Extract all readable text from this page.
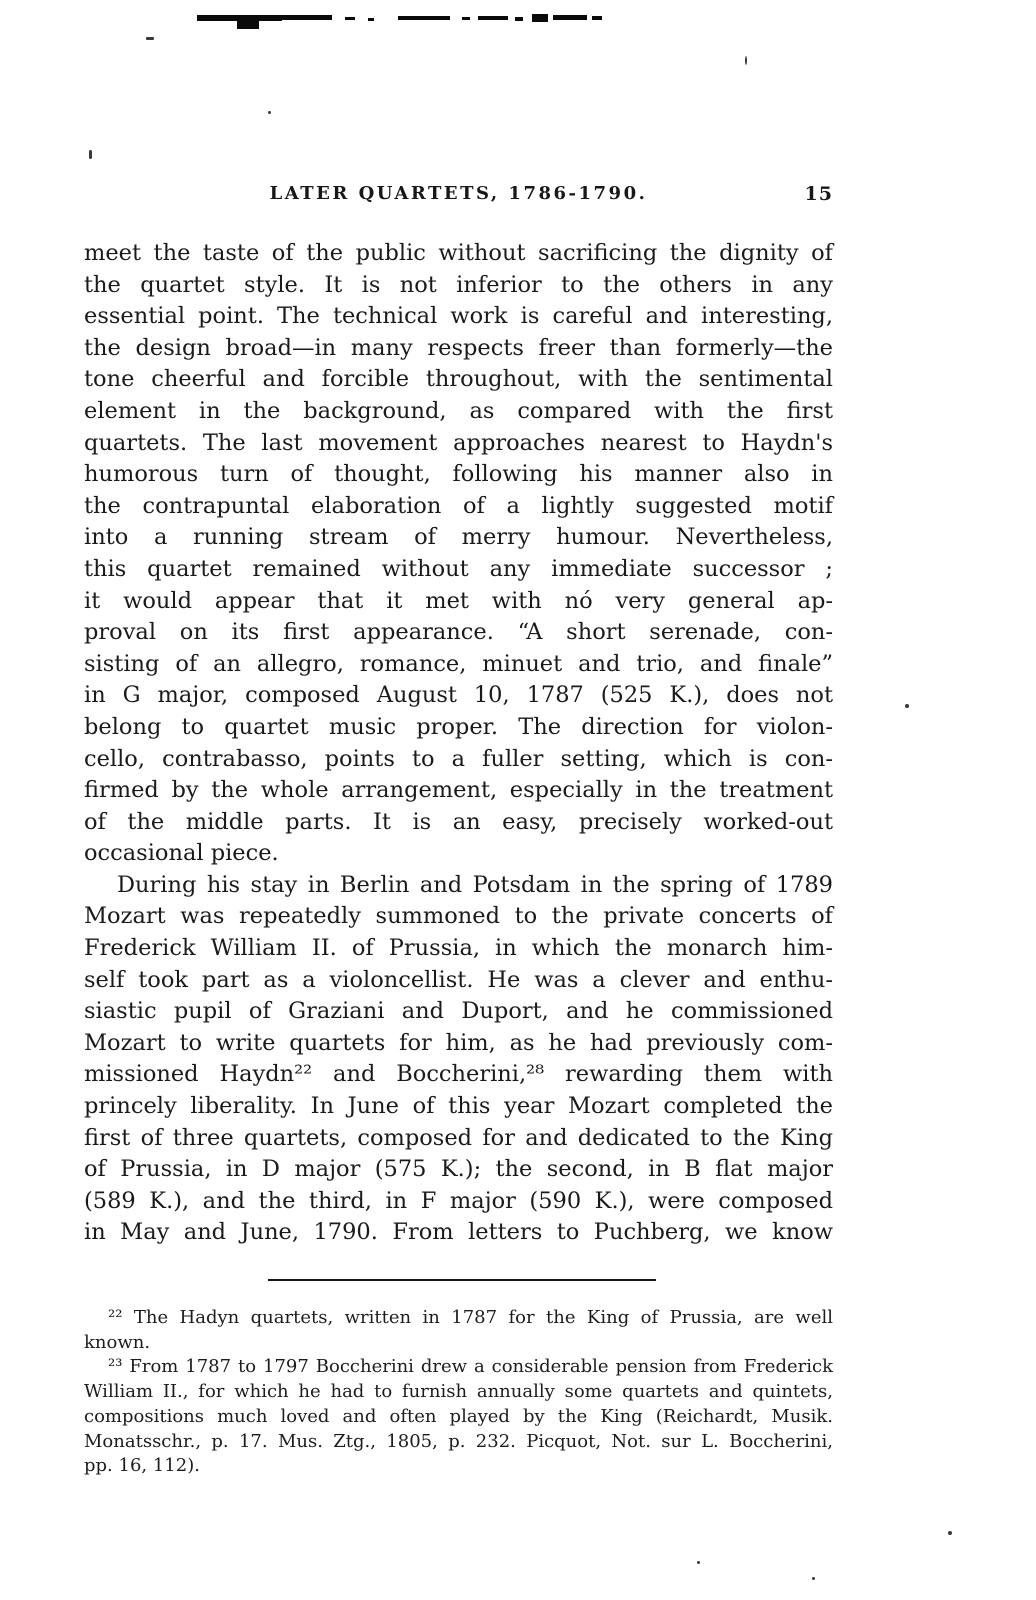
LATER QUARTETS, 1786-1790.	15
meet the taste of the public without sacrificing the dignity of
the quartet style. It is not inferior to the others in any
essential point. The technical work is careful and interesting,
the design broad—in many respects freer than formerly—the
tone cheerful and forcible throughout, with the sentimental
element in the background, as compared with the first
quartets. The last movement approaches nearest to Haydn's
humorous turn of thought, following his manner also in
the contrapuntal elaboration of a lightly suggested motif
into a running stream of merry humour. Nevertheless,
this quartet remained without any immediate successor ;
it would appear that it met with nó very general ap-
proval on its first appearance. “A short serenade, con-
sisting of an allegro, romance, minuet and trio, and finale”
in G major, composed August 10, 1787 (525 K.), does not
belong to quartet music proper. The direction for violon-
cello, contrabasso, points to a fuller setting, which is con-
firmed by the whole arrangement, especially in the treatment
of the middle parts. It is an easy, precisely worked-out
occasional piece.
During his stay in Berlin and Potsdam in the spring of 1789
Mozart was repeatedly summoned to the private concerts of
Frederick William II. of Prussia, in which the monarch him-
self took part as a violoncellist. He was a clever and enthu-
siastic pupil of Graziani and Duport, and he commissioned
Mozart to write quartets for him, as he had previously com-
missioned Haydn²² and Boccherini,²⁸ rewarding them with
princely liberality. In June of this year Mozart completed the
first of three quartets, composed for and dedicated to the King
of Prussia, in D major (575 K.); the second, in B flat major
(589 K.), and the third, in F major (590 K.), were composed
in May and June, 1790. From letters to Puchberg, we know
²² The Hadyn quartets, written in 1787 for the King of Prussia, are well
known.
²³ From 1787 to 1797 Boccherini drew a considerable pension from Frederick
William II., for which he had to furnish annually some quartets and quintets,
compositions much loved and often played by the King (Reichardt, Musik.
Monatsschr., p. 17. Mus. Ztg., 1805, p. 232. Picquot, Not. sur L. Boccherini,
pp. 16, 112).
